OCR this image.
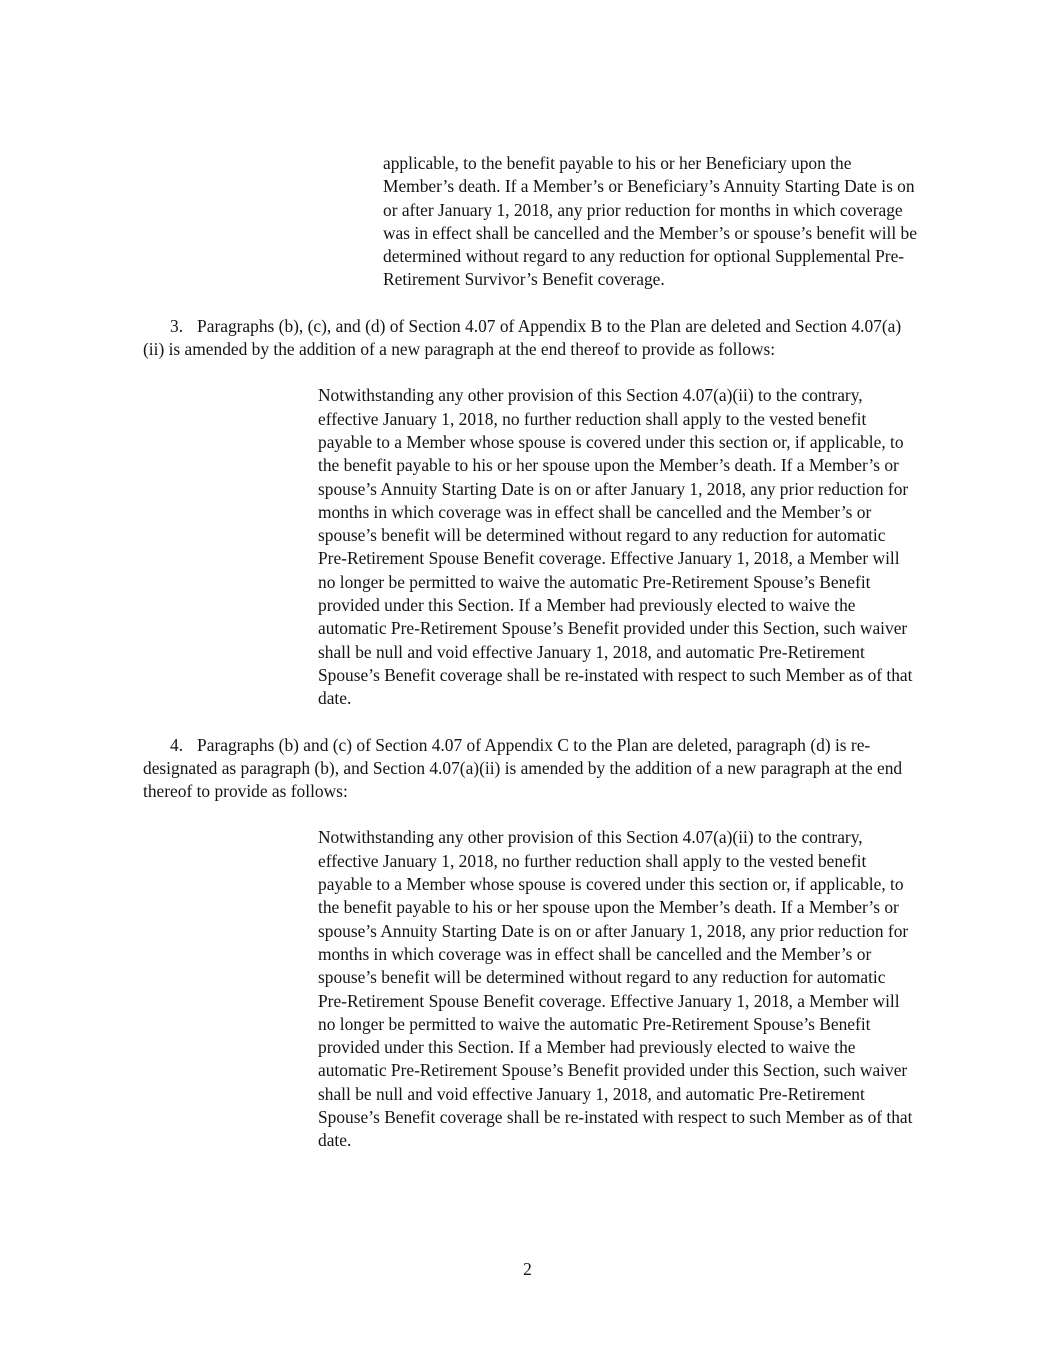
applicable, to the benefit payable to his or her Beneficiary upon the Member’s death. If a Member’s or Beneficiary’s Annuity Starting Date is on or after January 1, 2018, any prior reduction for months in which coverage was in effect shall be cancelled and the Member’s or spouse’s benefit will be determined without regard to any reduction for optional Supplemental Pre-Retirement Survivor’s Benefit coverage.

3. Paragraphs (b), (c), and (d) of Section 4.07 of Appendix B to the Plan are deleted and Section 4.07(a)(ii) is amended by the addition of a new paragraph at the end thereof to provide as follows:

Notwithstanding any other provision of this Section 4.07(a)(ii) to the contrary, effective January 1, 2018, no further reduction shall apply to the vested benefit payable to a Member whose spouse is covered under this section or, if applicable, to the benefit payable to his or her spouse upon the Member’s death. If a Member’s or spouse’s Annuity Starting Date is on or after January 1, 2018, any prior reduction for months in which coverage was in effect shall be cancelled and the Member’s or spouse’s benefit will be determined without regard to any reduction for automatic Pre-Retirement Spouse Benefit coverage. Effective January 1, 2018, a Member will no longer be permitted to waive the automatic Pre-Retirement Spouse’s Benefit provided under this Section. If a Member had previously elected to waive the automatic Pre-Retirement Spouse’s Benefit provided under this Section, such waiver shall be null and void effective January 1, 2018, and automatic Pre-Retirement Spouse’s Benefit coverage shall be re-instated with respect to such Member as of that date.

4. Paragraphs (b) and (c) of Section 4.07 of Appendix C to the Plan are deleted, paragraph (d) is re-designated as paragraph (b), and Section 4.07(a)(ii) is amended by the addition of a new paragraph at the end thereof to provide as follows:

Notwithstanding any other provision of this Section 4.07(a)(ii) to the contrary, effective January 1, 2018, no further reduction shall apply to the vested benefit payable to a Member whose spouse is covered under this section or, if applicable, to the benefit payable to his or her spouse upon the Member’s death. If a Member’s or spouse’s Annuity Starting Date is on or after January 1, 2018, any prior reduction for months in which coverage was in effect shall be cancelled and the Member’s or spouse’s benefit will be determined without regard to any reduction for automatic Pre-Retirement Spouse Benefit coverage. Effective January 1, 2018, a Member will no longer be permitted to waive the automatic Pre-Retirement Spouse’s Benefit provided under this Section. If a Member had previously elected to waive the automatic Pre-Retirement Spouse’s Benefit provided under this Section, such waiver shall be null and void effective January 1, 2018, and automatic Pre-Retirement Spouse’s Benefit coverage shall be re-instated with respect to such Member as of that date.

2
